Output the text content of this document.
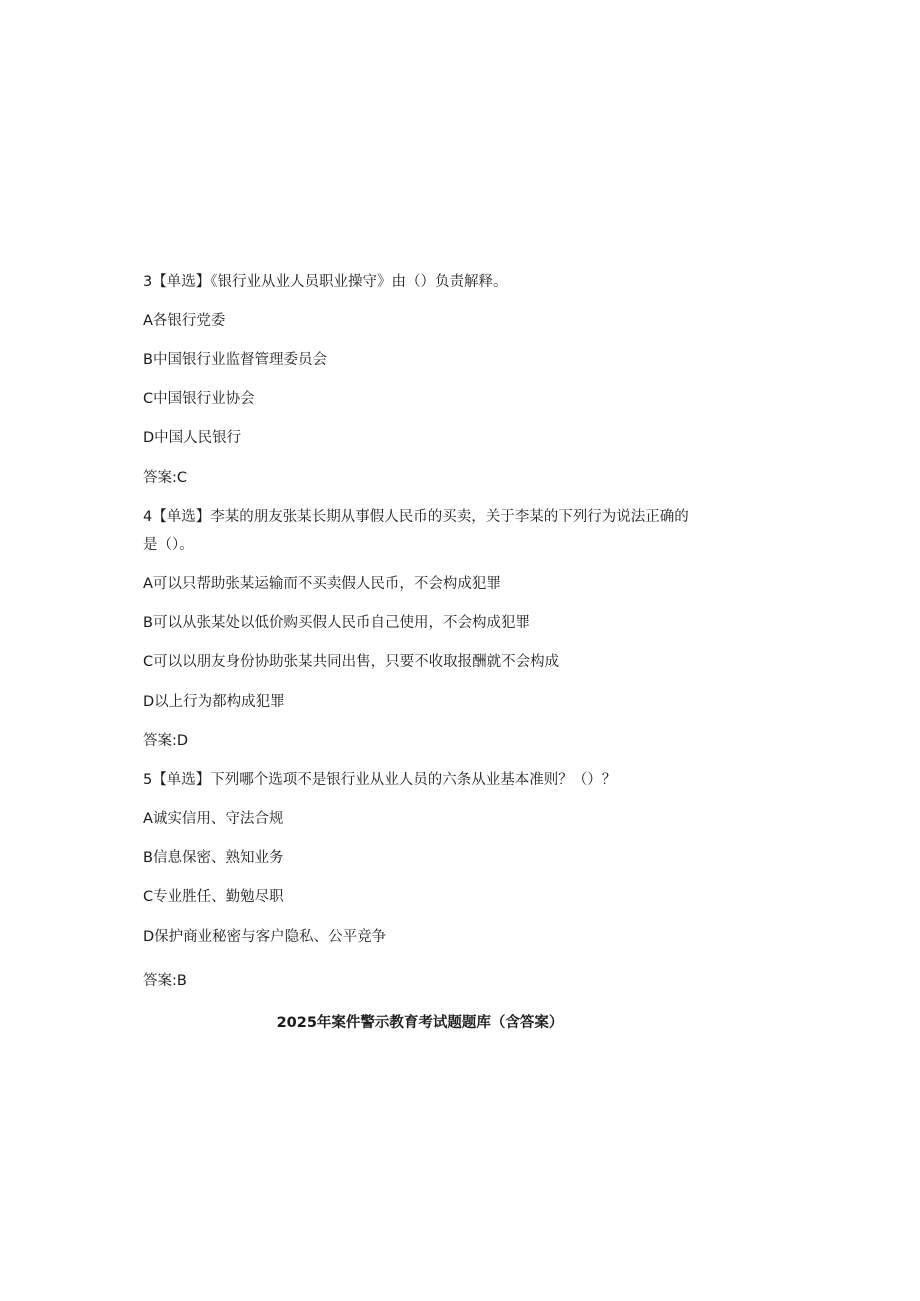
3【单选】《银行业从业人员职业操守》由（）负责解释。
A各银行党委
B中国银行业监督管理委员会
C中国银行业协会
D中国人民银行
答案:C
4【单选】李某的朋友张某长期从事假人民币的买卖，关于李某的下列行为说法正确的
是（）。
A可以只帮助张某运输而不买卖假人民币，不会构成犯罪
B可以从张某处以低价购买假人民币自己使用，不会构成犯罪
C可以以朋友身份协助张某共同出售，只要不收取报酬就不会构成
D以上行为都构成犯罪
答案:D
5【单选】下列哪个选项不是银行业从业人员的六条从业基本准则？（）？
A诚实信用、守法合规
B信息保密、熟知业务
C专业胜任、勤勉尽职
D保护商业秘密与客户隐私、公平竞争
答案:B
2025年案件警示教育考试题题库（含答案）
